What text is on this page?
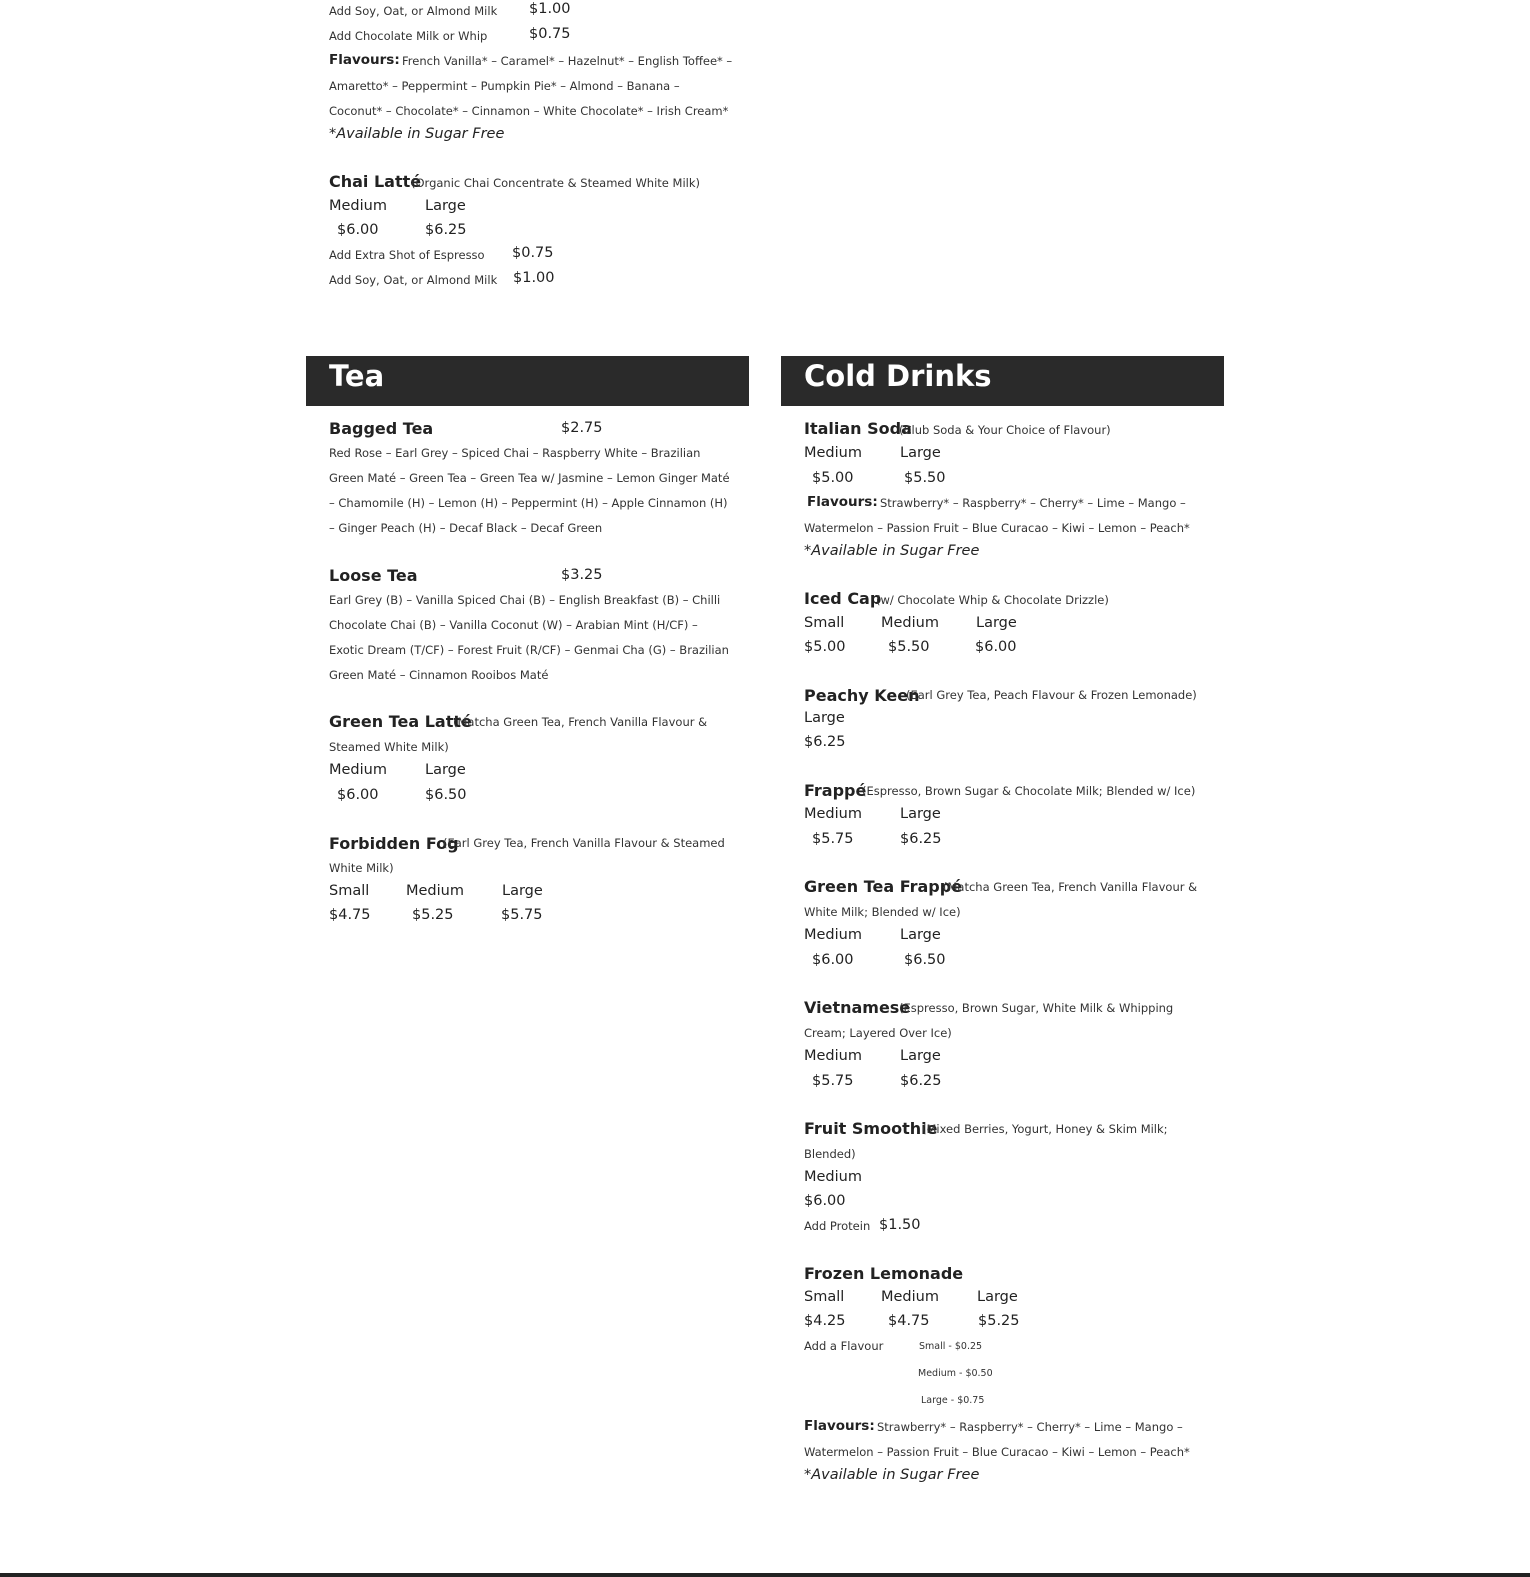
Add Soy, Oat, or Almond Milk $1.00
Add Chocolate Milk or Whip	$0.75
Flavours: French Vanilla* – Caramel* – Hazelnut* – English Toffee* –
Amaretto* – Peppermint – Pumpkin Pie* – Almond – Banana –
Coconut* – Chocolate* – Cinnamon – White Chocolate* – Irish Cream*
*Available in Sugar Free
Chai Latté
(Organic Chai Concentrate & Steamed White Milk)
Medium	Large
$6.00	$6.25
Add Extra Shot of Espresso $0.75
Add Soy, Oat, or Almond Milk $1.00
Tea
Bagged Tea	$2.75
Red Rose – Earl Grey – Spiced Chai – Raspberry White – Brazilian
Green Maté – Green Tea – Green Tea w/ Jasmine – Lemon Ginger Maté
– Chamomile (H) – Lemon (H) – Peppermint (H) – Apple Cinnamon (H)
– Ginger Peach (H) – Decaf Black – Decaf Green
Loose Tea	$3.25
Earl Grey (B) – Vanilla Spiced Chai (B) – English Breakfast (B) – Chilli
Chocolate Chai (B) – Vanilla Coconut (W) – Arabian Mint (H/CF) –
Exotic Dream (T/CF) – Forest Fruit (R/CF) – Genmai Cha (G) – Brazilian
Green Maté – Cinnamon Rooibos Maté
Green Tea Latté
(Matcha Green Tea, French Vanilla Flavour &
Steamed White Milk)
Medium	Large
$6.00	$6.50
Forbidden Fog
(Earl Grey Tea, French Vanilla Flavour & Steamed
White Milk)
Small	Medium	Large
$4.75	$5.25	$5.75
Cold Drinks
Italian Soda
(Club Soda & Your Choice of Flavour)
Medium	Large
$5.00	$5.50
Flavours: Strawberry* – Raspberry* – Cherry* – Lime – Mango –
Watermelon – Passion Fruit – Blue Curacao – Kiwi – Lemon – Peach*
*Available in Sugar Free
Iced Cap
(w/ Chocolate Whip & Chocolate Drizzle)
Small	Medium	Large
$5.00	$5.50	$6.00
Peachy Keen
(Earl Grey Tea, Peach Flavour & Frozen Lemonade)
Large
$6.25
Frappé
(Espresso, Brown Sugar & Chocolate Milk; Blended w/ Ice)
Medium	Large
$5.75	$6.25
Green Tea Frappé
(Matcha Green Tea, French Vanilla Flavour &
White Milk; Blended w/ Ice)
Medium	Large
$6.00	$6.50
Vietnamese
(Espresso, Brown Sugar, White Milk & Whipping
Cream; Layered Over Ice)
Medium	Large
$5.75	$6.25
Fruit Smoothie
(Mixed Berries, Yogurt, Honey & Skim Milk;
Blended)
Medium
$6.00
Add Protein $1.50
Frozen Lemonade
Small	Medium	Large
$4.25	$4.75	$5.25
Add a Flavour	Small - $0.25
Medium - $0.50
Large - $0.75
Flavours: Strawberry* – Raspberry* – Cherry* – Lime – Mango –
Watermelon – Passion Fruit – Blue Curacao – Kiwi – Lemon – Peach*
*Available in Sugar Free
